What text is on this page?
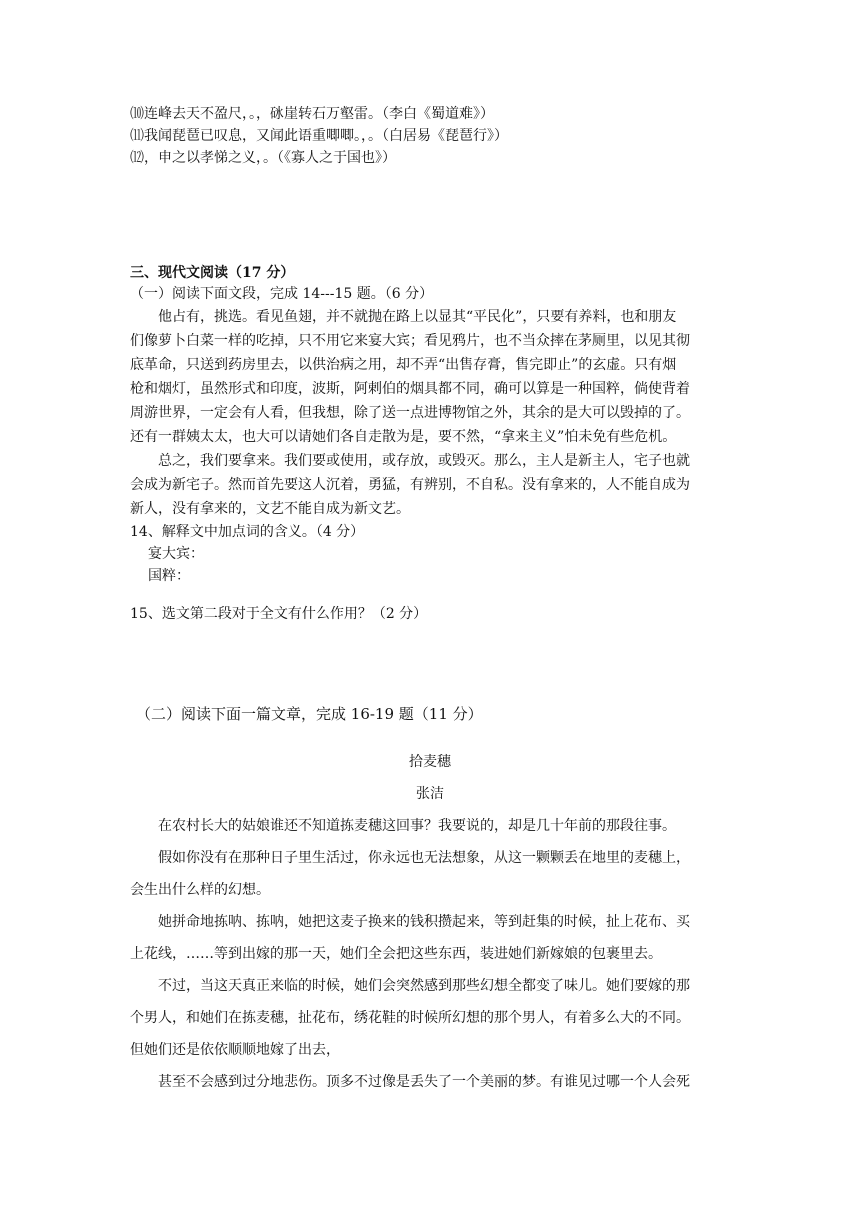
⑽连峰去天不盈尺，。，砯崖转石万壑雷。（李白《蜀道难》）
⑾我闻琵琶已叹息，又闻此语重唧唧。，。（白居易《琵琶行》）
⑿，申之以孝悌之义，。（《寡人之于国也》）
三、现代文阅读（17 分）
（一）阅读下面文段，完成 14---15 题。（6 分）
他占有，挑选。看见鱼翅，并不就抛在路上以显其“平民化”，只要有养料，也和朋友
们像萝卜白菜一样的吃掉，只不用它来宴大宾；看见鸦片，也不当众摔在茅厕里，以见其彻
底革命，只送到药房里去，以供治病之用，却不弄“出售存膏，售完即止”的玄虚。只有烟
枪和烟灯，虽然形式和印度，波斯，阿剌伯的烟具都不同，确可以算是一种国粹，倘使背着
周游世界，一定会有人看，但我想，除了送一点进博物馆之外，其余的是大可以毁掉的了。
还有一群姨太太，也大可以请她们各自走散为是，要不然，“拿来主义”怕未免有些危机。
总之，我们要拿来。我们要或使用，或存放，或毁灭。那么，主人是新主人，宅子也就
会成为新宅子。然而首先要这人沉着，勇猛，有辨别，不自私。没有拿来的，人不能自成为
新人，没有拿来的，文艺不能自成为新文艺。
14、解释文中加点词的含义。（4 分）
宴大宾：
国粹：
15、选文第二段对于全文有什么作用？（2 分）
（二）阅读下面一篇文章，完成 16-19 题（11 分）
拾麦穗
张洁
在农村长大的姑娘谁还不知道拣麦穗这回事？我要说的，却是几十年前的那段往事。
假如你没有在那种日子里生活过，你永远也无法想象，从这一颗颗丢在地里的麦穗上，
会生出什么样的幻想。
她拼命地拣呐、拣呐，她把这麦子换来的钱积攒起来，等到赶集的时候，扯上花布、买
上花线，……等到出嫁的那一天，她们全会把这些东西，装进她们新嫁娘的包裹里去。
不过，当这天真正来临的时候，她们会突然感到那些幻想全都变了味儿。她们要嫁的那
个男人，和她们在拣麦穗，扯花布，绣花鞋的时候所幻想的那个男人，有着多么大的不同。
但她们还是依依顺顺地嫁了出去，
甚至不会感到过分地悲伤。顶多不过像是丢失了一个美丽的梦。有谁见过哪一个人会死
